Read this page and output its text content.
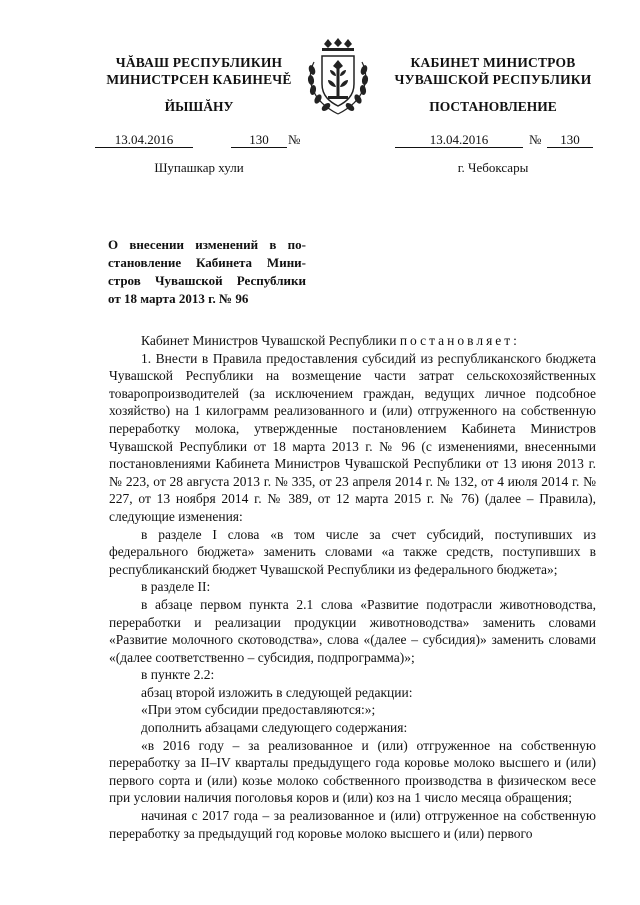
ЧĂВАШ РЕСПУБЛИКИН
МИНИСТРСЕН КАБИНЕЧĚ
ЙЫШĂНУ
КАБИНЕТ МИНИСТРОВ
ЧУВАШСКОЙ РЕСПУБЛИКИ
ПОСТАНОВЛЕНИЕ
13.04.2016	130	№	13.04.2016	№	130
Шупашкар хули	г. Чебоксары
О внесении изменений в по-
становление Кабинета Мини-
стров Чувашской Республики
от 18 марта 2013 г. № 96

Кабинет Министров Чувашской Республики постановляет:

1. Внести в Правила предоставления субсидий из республиканского бюджета Чувашской Республики на возмещение части затрат сельскохозяйственных товаропроизводителей (за исключением граждан, ведущих личное подсобное хозяйство) на 1 килограмм реализованного и (или) отгруженного на собственную переработку молока, утвержденные постановлением Кабинета Министров Чувашской Республики от 18 марта 2013 г. № 96 (с изменениями, внесенными постановлениями Кабинета Министров Чувашской Республики от 13 июня 2013 г. № 223, от 28 августа 2013 г. № 335, от 23 апреля 2014 г. № 132, от 4 июля 2014 г. № 227, от 13 ноября 2014 г. № 389, от 12 марта 2015 г. № 76) (далее – Правила), следующие изменения:

в разделе I слова «в том числе за счет субсидий, поступивших из федерального бюджета» заменить словами «а также средств, поступивших в республиканский бюджет Чувашской Республики из федерального бюджета»;

в разделе II:

в абзаце первом пункта 2.1 слова «Развитие подотрасли животноводства, переработки и реализации продукции животноводства» заменить словами «Развитие молочного скотоводства», слова «(далее – субсидия)» заменить словами «(далее соответственно – субсидия, подпрограмма)»;

в пункте 2.2:

абзац второй изложить в следующей редакции:

«При этом субсидии предоставляются:»;

дополнить абзацами следующего содержания:

«в 2016 году – за реализованное и (или) отгруженное на собственную переработку за II–IV кварталы предыдущего года коровье молоко высшего и (или) первого сорта и (или) козье молоко собственного производства в физическом весе при условии наличия поголовья коров и (или) коз на 1 число месяца обращения;

начиная с 2017 года – за реализованное и (или) отгруженное на собственную переработку за предыдущий год коровье молоко высшего и (или) первого
